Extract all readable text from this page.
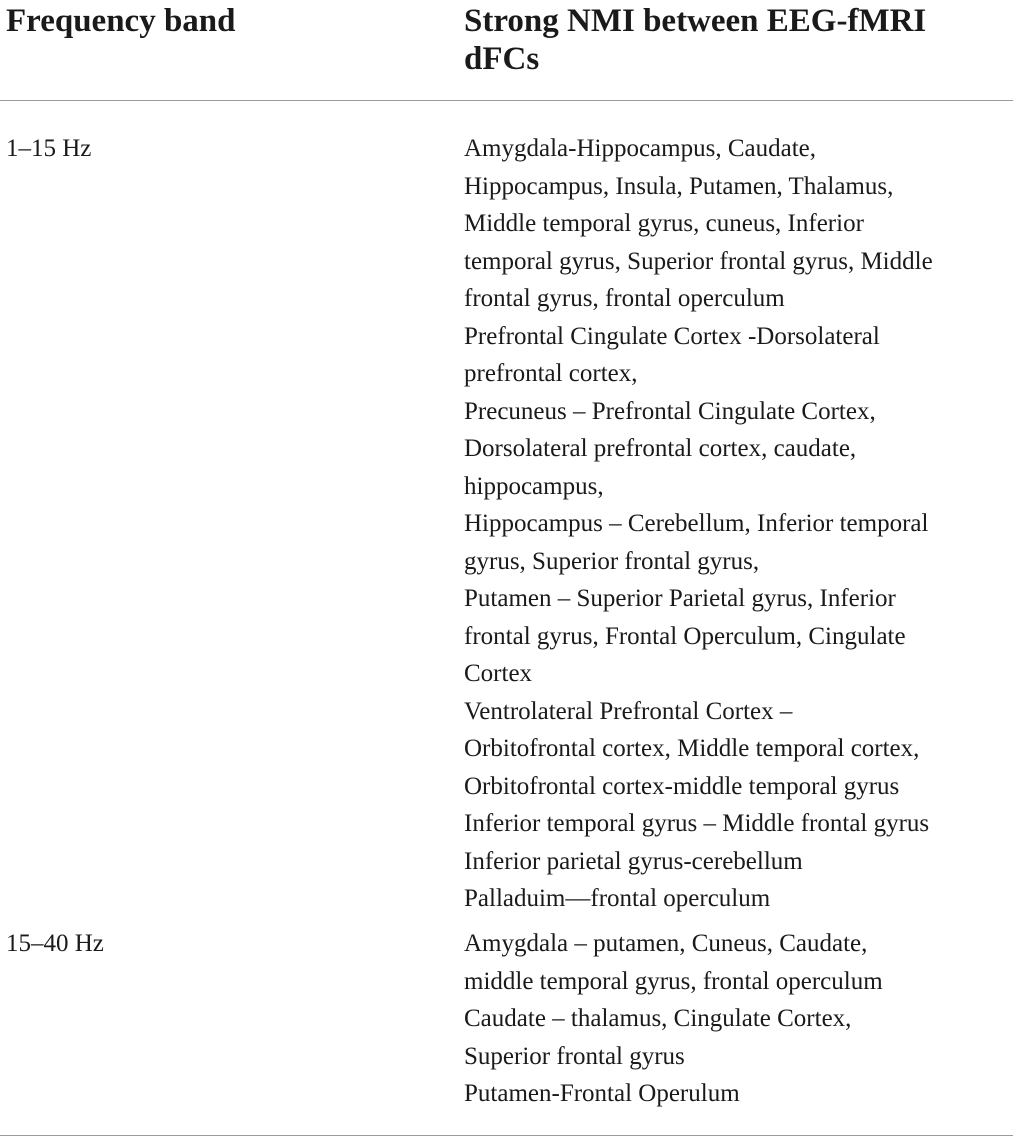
Frequency band	Strong NMI between EEG-fMRI
dFCs
1–15 Hz	Amygdala-Hippocampus, Caudate,
Hippocampus, Insula, Putamen, Thalamus,
Middle temporal gyrus, cuneus, Inferior
temporal gyrus, Superior frontal gyrus, Middle
frontal gyrus, frontal operculum
Prefrontal Cingulate Cortex -Dorsolateral
prefrontal cortex,
Precuneus – Prefrontal Cingulate Cortex,
Dorsolateral prefrontal cortex, caudate,
hippocampus,
Hippocampus – Cerebellum, Inferior temporal
gyrus, Superior frontal gyrus,
Putamen – Superior Parietal gyrus, Inferior
frontal gyrus, Frontal Operculum, Cingulate
Cortex
Ventrolateral Prefrontal Cortex –
Orbitofrontal cortex, Middle temporal cortex,
Orbitofrontal cortex-middle temporal gyrus
Inferior temporal gyrus – Middle frontal gyrus
Inferior parietal gyrus-cerebellum
Palladuim—frontal operculum
15–40 Hz	Amygdala – putamen, Cuneus, Caudate,
middle temporal gyrus, frontal operculum
Caudate – thalamus, Cingulate Cortex,
Superior frontal gyrus
Putamen-Frontal Operulum
